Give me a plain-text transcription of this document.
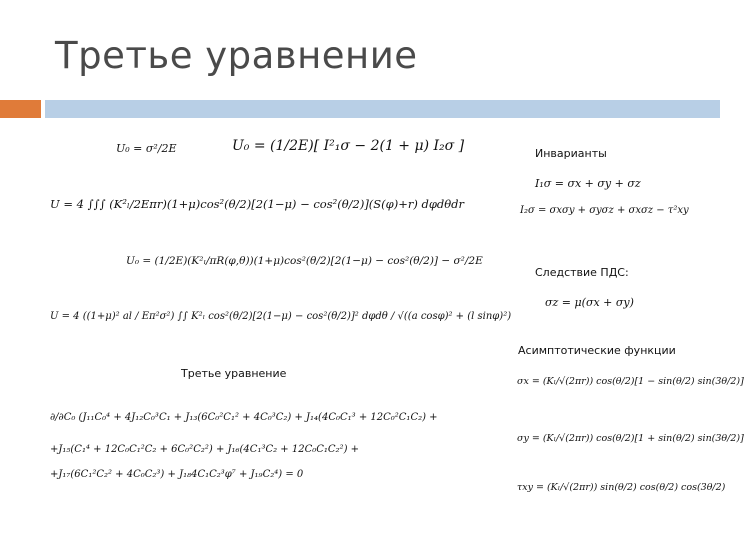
Третье уравнение
U₀ = σ²/2E	U₀ = (1/2E)[ I²₁σ − 2(1 + μ) I₂σ ]
U = 4 ∫∫∫ (K²ₗ/2Eπr)(1+μ)cos²(θ/2)[2(1−μ) − cos²(θ/2)](S(φ)+r) dφdθdr
U₀ = (1/2E)(K²ₗ/πR(φ,θ))(1+μ)cos²(θ/2)[2(1−μ) − cos²(θ/2)] − σ²/2E
U = 4 ((1+μ)² al / Eπ²σ²) ∫∫ K²ₗ cos²(θ/2)[2(1−μ) − cos²(θ/2)]² dφdθ / √((a cosφ)² + (l sinφ)²)
Инварианты
I₁σ = σx + σy + σz
I₂σ = σxσy + σyσz + σxσz − τ²xy
Следствие ПДС:
σz = μ(σx + σy)
Асимптотические функции
σx = (Kₗ/√(2πr)) cos(θ/2)[1 − sin(θ/2) sin(3θ/2)]
σy = (Kₗ/√(2πr)) cos(θ/2)[1 + sin(θ/2) sin(3θ/2)]
τxy = (Kₗ/√(2πr)) sin(θ/2) cos(θ/2) cos(3θ/2)
Третье уравнение
∂/∂C₀ (J₁₁C₀⁴ + 4J₁₂C₀³C₁ + J₁₃(6C₀²C₁² + 4C₀³C₂) + J₁₄(4C₀C₁³ + 12C₀²C₁C₂) +
+J₁₅(C₁⁴ + 12C₀C₁²C₂ + 6C₀²C₂²) + J₁₆(4C₁³C₂ + 12C₀C₁C₂²) +
+J₁₇(6C₁²C₂² + 4C₀C₂³) + J₁₈4C₁C₂³φ⁷ + J₁₉C₂⁴) = 0
